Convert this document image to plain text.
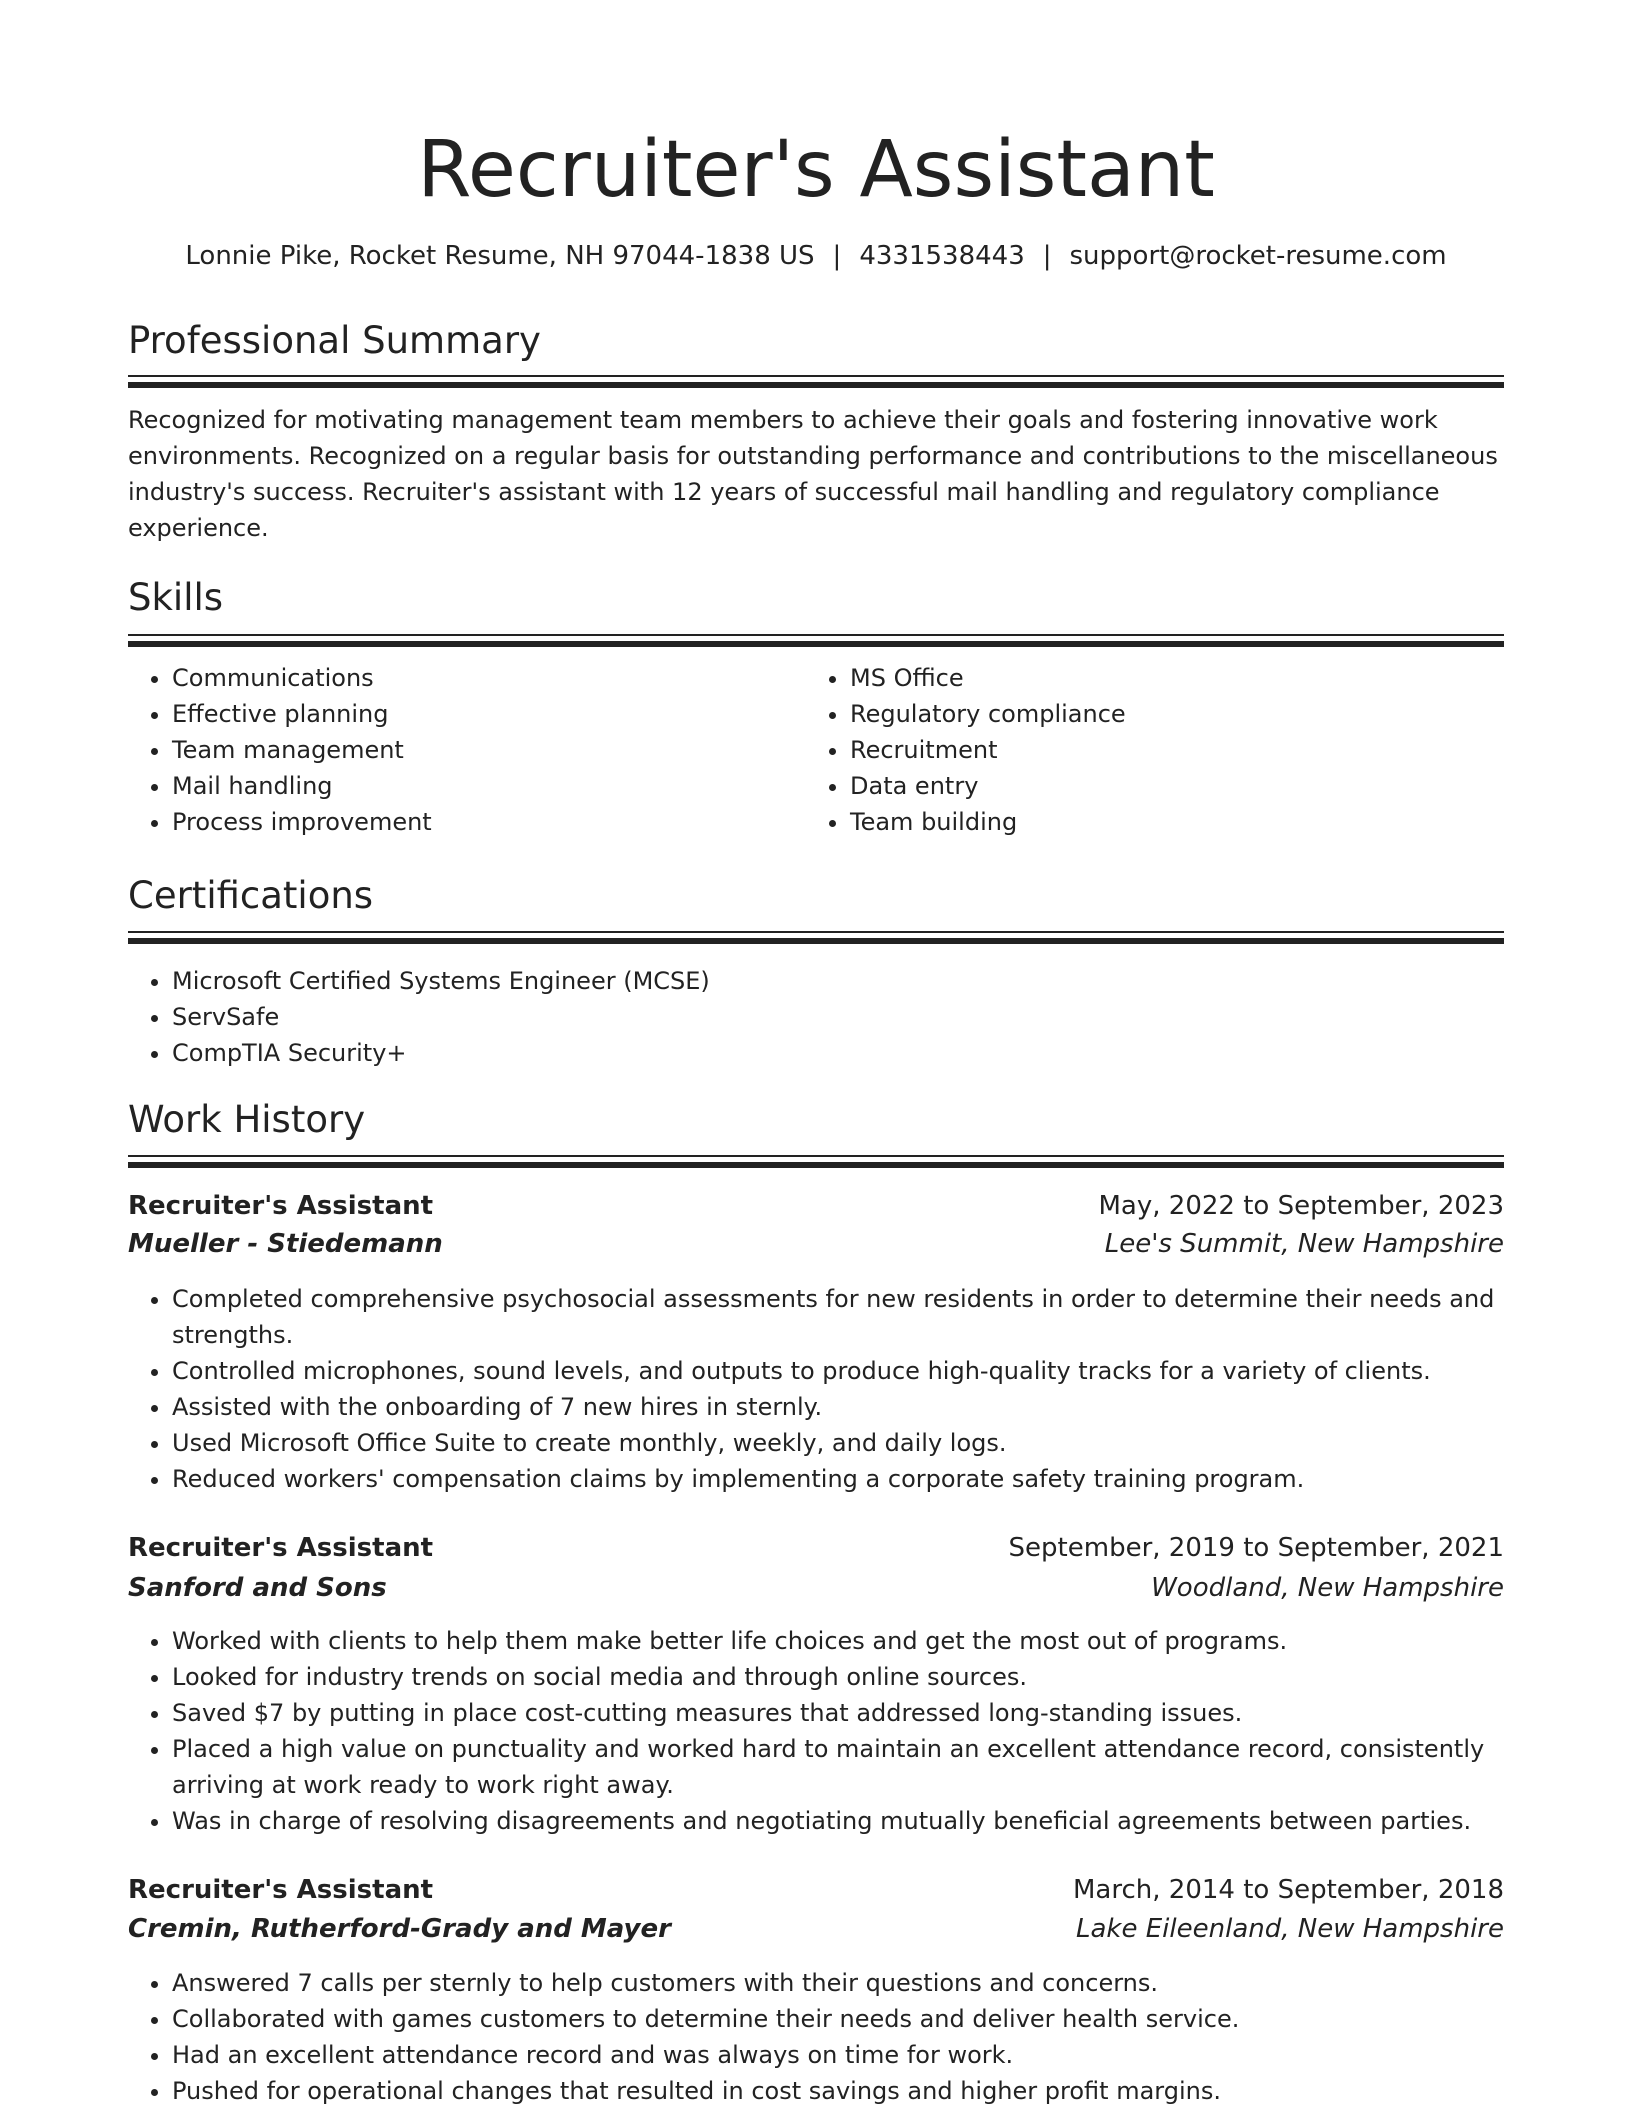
Recruiter's Assistant
Lonnie Pike, Rocket Resume, NH 97044-1838 US | 4331538443 | support@rocket-resume.com
Professional Summary

Recognized for motivating management team members to achieve their goals and fostering innovative work environments. Recognized on a regular basis for outstanding performance and contributions to the miscellaneous industry's success. Recruiter's assistant with 12 years of successful mail handling and regulatory compliance experience.

Skills
• Communications
• Effective planning
• Team management
• Mail handling
• Process improvement
• MS Office
• Regulatory compliance
• Recruitment
• Data entry
• Team building
Certifications
• Microsoft Certified Systems Engineer (MCSE)
• ServSafe
• CompTIA Security+
Work History
Recruiter's Assistant	May, 2022 to September, 2023
Mueller - Stiedemann	Lee's Summit, New Hampshire
• Completed comprehensive psychosocial assessments for new residents in order to determine their needs and strengths.
• Controlled microphones, sound levels, and outputs to produce high-quality tracks for a variety of clients.
• Assisted with the onboarding of 7 new hires in sternly.
• Used Microsoft Office Suite to create monthly, weekly, and daily logs.
• Reduced workers' compensation claims by implementing a corporate safety training program.
Recruiter's Assistant	September, 2019 to September, 2021
Sanford and Sons	Woodland, New Hampshire
• Worked with clients to help them make better life choices and get the most out of programs.
• Looked for industry trends on social media and through online sources.
• Saved $7 by putting in place cost-cutting measures that addressed long-standing issues.
• Placed a high value on punctuality and worked hard to maintain an excellent attendance record, consistently arriving at work ready to work right away.
• Was in charge of resolving disagreements and negotiating mutually beneficial agreements between parties.
Recruiter's Assistant	March, 2014 to September, 2018
Cremin, Rutherford-Grady and Mayer	Lake Eileenland, New Hampshire
• Answered 7 calls per sternly to help customers with their questions and concerns.
• Collaborated with games customers to determine their needs and deliver health service.
• Had an excellent attendance record and was always on time for work.
• Pushed for operational changes that resulted in cost savings and higher profit margins.
